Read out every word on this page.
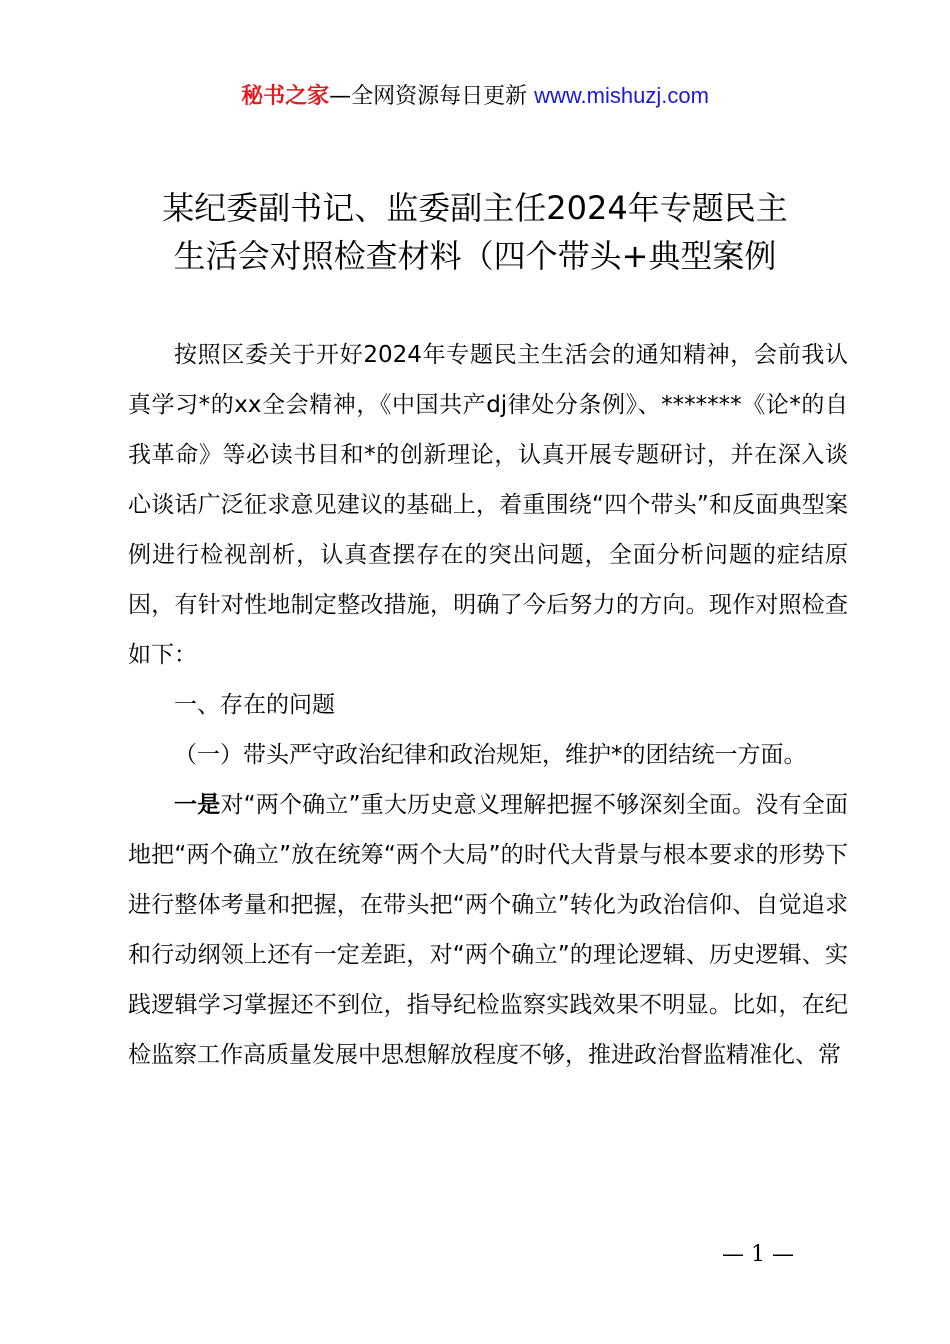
秘书之家—全网资源每日更新 www.mishuzj.com
某纪委副书记、监委副主任2024年专题民主
生活会对照检查材料（四个带头+典型案例

按照区委关于开好2024年专题民主生活会的通知精神，会前我认真学习*的xx全会精神，《中国共产dj律处分条例》、*******《论*的自我革命》等必读书目和*的创新理论，认真开展专题研讨，并在深入谈心谈话广泛征求意见建议的基础上，着重围绕“四个带头”和反面典型案例进行检视剖析，认真查摆存在的突出问题，全面分析问题的症结原因，有针对性地制定整改措施，明确了今后努力的方向。现作对照检查如下：

一、存在的问题

（一）带头严守政治纪律和政治规矩，维护*的团结统一方面。

一是对“两个确立”重大历史意义理解把握不够深刻全面。没有全面地把“两个确立”放在统筹“两个大局”的时代大背景与根本要求的形势下进行整体考量和把握，在带头把“两个确立”转化为政治信仰、自觉追求和行动纲领上还有一定差距，对“两个确立”的理论逻辑、历史逻辑、实践逻辑学习掌握还不到位，指导纪检监察实践效果不明显。比如，在纪检监察工作高质量发展中思想解放程度不够，推进政治督监精准化、常

— 1 —
